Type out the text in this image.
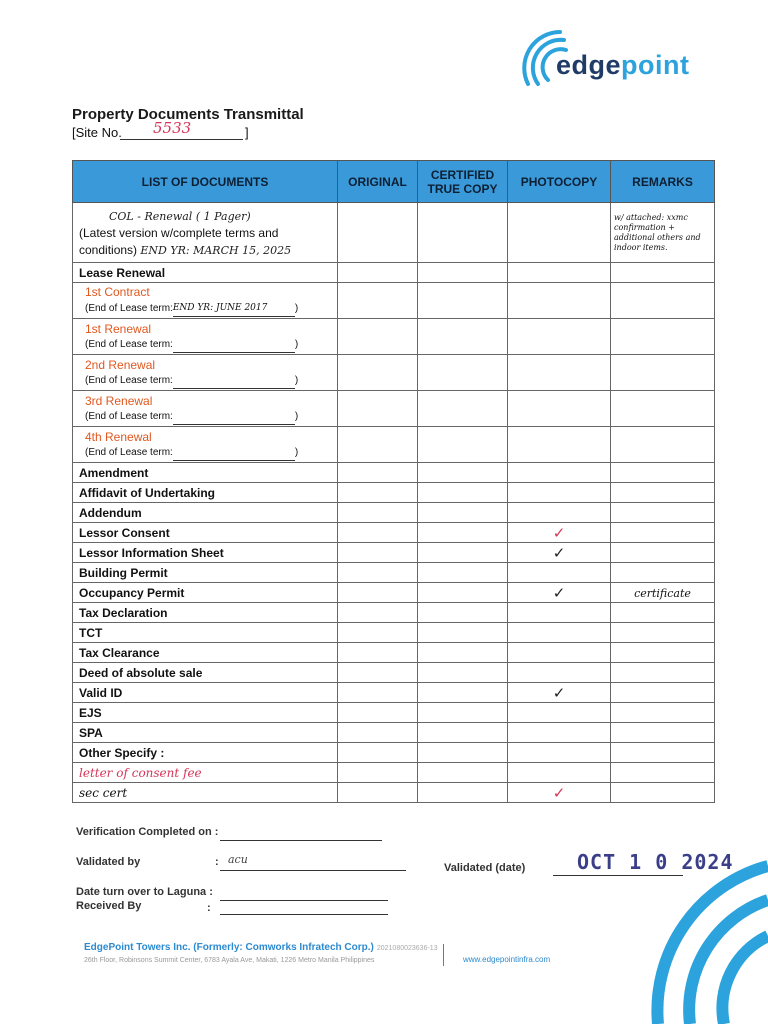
edgepoint
Property Documents Transmittal
[Site No. 5533	]
LIST OF DOCUMENTS	ORIGINAL	CERTIFIED TRUE COPY	PHOTOCOPY	REMARKS

COL - Renewal ( 1 Pager)
(Latest version w/complete terms and
conditions) END YR: MARCH 15, 2025				w/ attached: xxmc confirmation + additional others and indoor items.

Lease Renewal				

1st Contract
(End of Lease term:END YR: JUNE 2017 )				

1st Renewal
(End of Lease term: )				

2nd Renewal
(End of Lease term: )				

3rd Renewal
(End of Lease term: )				

4th Renewal
(End of Lease term: )				

Amendment				
Affidavit of Undertaking				
Addendum				
Lessor Consent			✓	
Lessor Information Sheet			✓	
Building Permit				
Occupancy Permit			✓	certificate
Tax Declaration				
TCT				
Tax Clearance				
Deed of absolute sale				
Valid ID			✓	
EJS				
SPA				
Other Specify :				
letter of consent fee				
sec cert			✓	
Verification Completed on :
Validated by	: acu
Validated (date)	OCT 1 0 2024
Date turn over to Laguna :
Received By	:
EdgePoint Towers Inc. (Formerly: Comworks Infratech Corp.) 2021080023636-13
26th Floor, Robinsons Summit Center, 6783 Ayala Ave, Makati, 1226 Metro Manila Philippines	www.edgepointinfra.com
